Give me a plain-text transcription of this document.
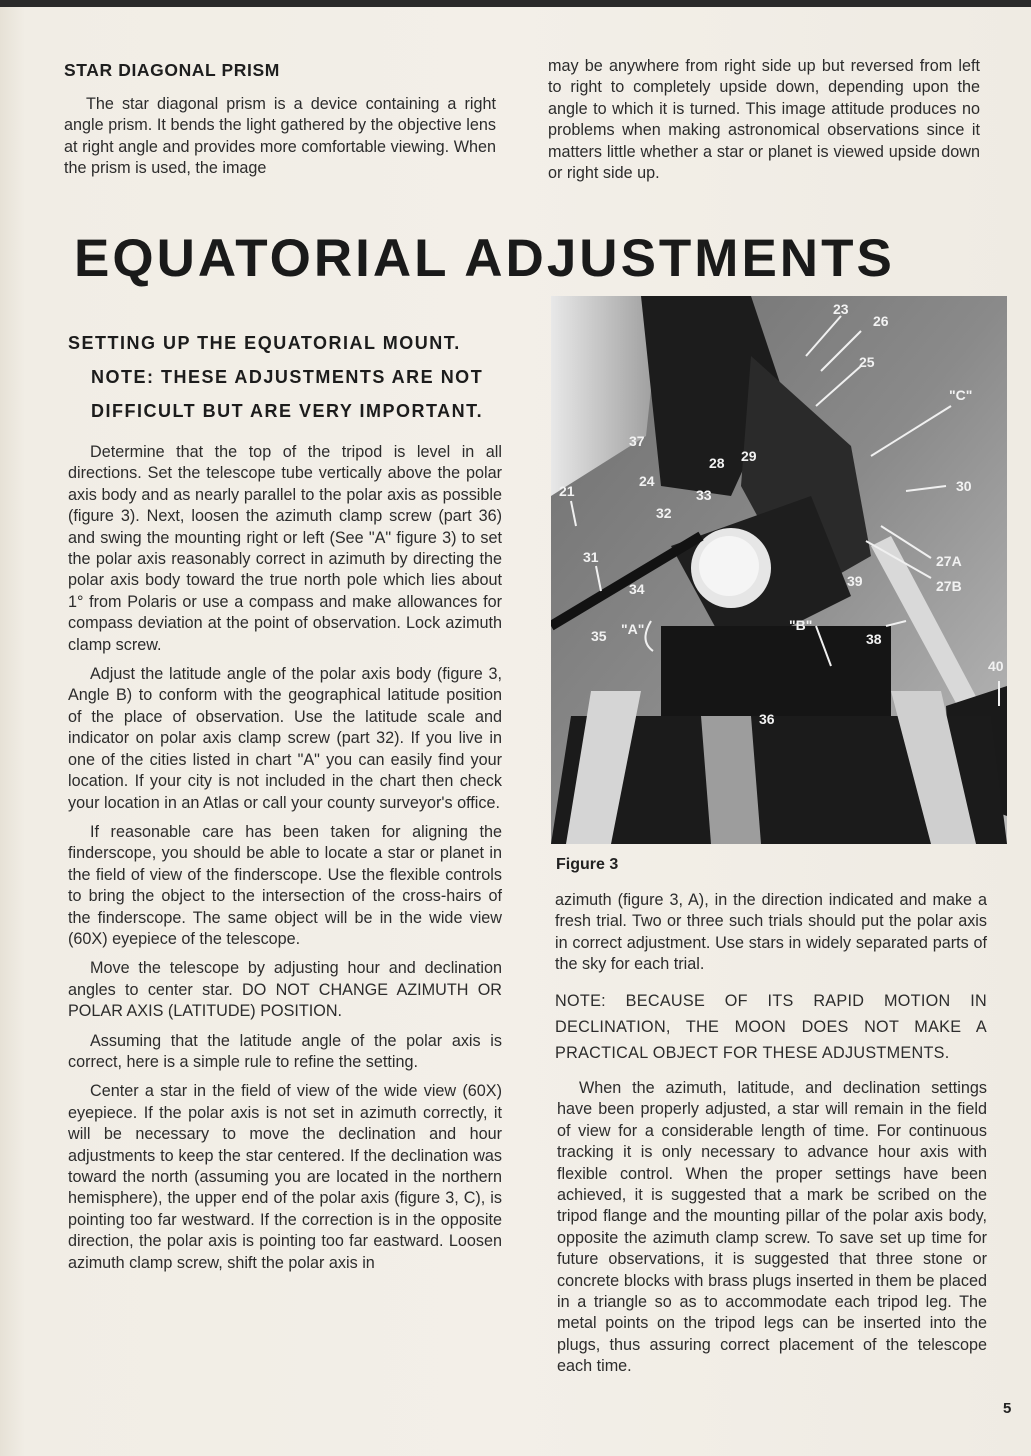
STAR DIAGONAL PRISM

The star diagonal prism is a device containing a right angle prism. It bends the light gathered by the objective lens at right angle and provides more comfortable viewing. When the prism is used, the image

may be anywhere from right side up but reversed from left to right to completely upside down, depending upon the angle to which it is turned. This image attitude produces no problems when making astronomical observations since it matters little whether a star or planet is viewed upside down or right side up.

EQUATORIAL ADJUSTMENTS
SETTING UP THE EQUATORIAL MOUNT.
NOTE: THESE ADJUSTMENTS ARE NOT
DIFFICULT BUT ARE VERY IMPORTANT.

Determine that the top of the tripod is level in all directions. Set the telescope tube vertically above the polar axis body and as nearly parallel to the polar axis as possible (figure 3). Next, loosen the azimuth clamp screw (part 36) and swing the mounting right or left (See "A" figure 3) to set the polar axis reasonably correct in azimuth by directing the polar axis body toward the true north pole which lies about 1° from Polaris or use a compass and make allowances for compass deviation at the point of observation. Lock azimuth clamp screw.

Adjust the latitude angle of the polar axis body (figure 3, Angle B) to conform with the geographical latitude position of the place of observation. Use the latitude scale and indicator on polar axis clamp screw (part 32). If you live in one of the cities listed in chart "A" you can easily find your location. If your city is not included in the chart then check your location in an Atlas or call your county surveyor's office.

If reasonable care has been taken for aligning the finderscope, you should be able to locate a star or planet in the field of view of the finderscope. Use the flexible controls to bring the object to the intersection of the cross-hairs of the finderscope. The same object will be in the wide view (60X) eyepiece of the telescope.

Move the telescope by adjusting hour and declination angles to center star. DO NOT CHANGE AZIMUTH OR POLAR AXIS (LATITUDE) POSITION.

Assuming that the latitude angle of the polar axis is correct, here is a simple rule to refine the setting.

Center a star in the field of view of the wide view (60X) eyepiece. If the polar axis is not set in azimuth correctly, it will be necessary to move the declination and hour adjustments to keep the star centered. If the declination was toward the north (assuming you are located in the northern hemisphere), the upper end of the polar axis (figure 3, C), is pointing too far westward. If the correction is in the opposite direction, the polar axis is pointing too far eastward. Loosen azimuth clamp screw, shift the polar axis in

23
26
25
"C"
37
28 29
24
33
21
32
30
27A
27B
31
39
34
35 "A"	"B"
38
40
36
Figure 3

azimuth (figure 3, A), in the direction indicated and make a fresh trial. Two or three such trials should put the polar axis in correct adjustment. Use stars in widely separated parts of the sky for each trial.

NOTE: BECAUSE OF ITS RAPID MOTION IN DECLINATION, THE MOON DOES NOT MAKE A PRACTICAL OBJECT FOR THESE ADJUSTMENTS.

When the azimuth, latitude, and declination settings have been properly adjusted, a star will remain in the field of view for a considerable length of time. For continuous tracking it is only necessary to advance hour axis with flexible control. When the proper settings have been achieved, it is suggested that a mark be scribed on the tripod flange and the mounting pillar of the polar axis body, opposite the azimuth clamp screw. To save set up time for future observations, it is suggested that three stone or concrete blocks with brass plugs inserted in them be placed in a triangle so as to accommodate each tripod leg. The metal points on the tripod legs can be inserted into the plugs, thus assuring correct placement of the telescope each time.

5
